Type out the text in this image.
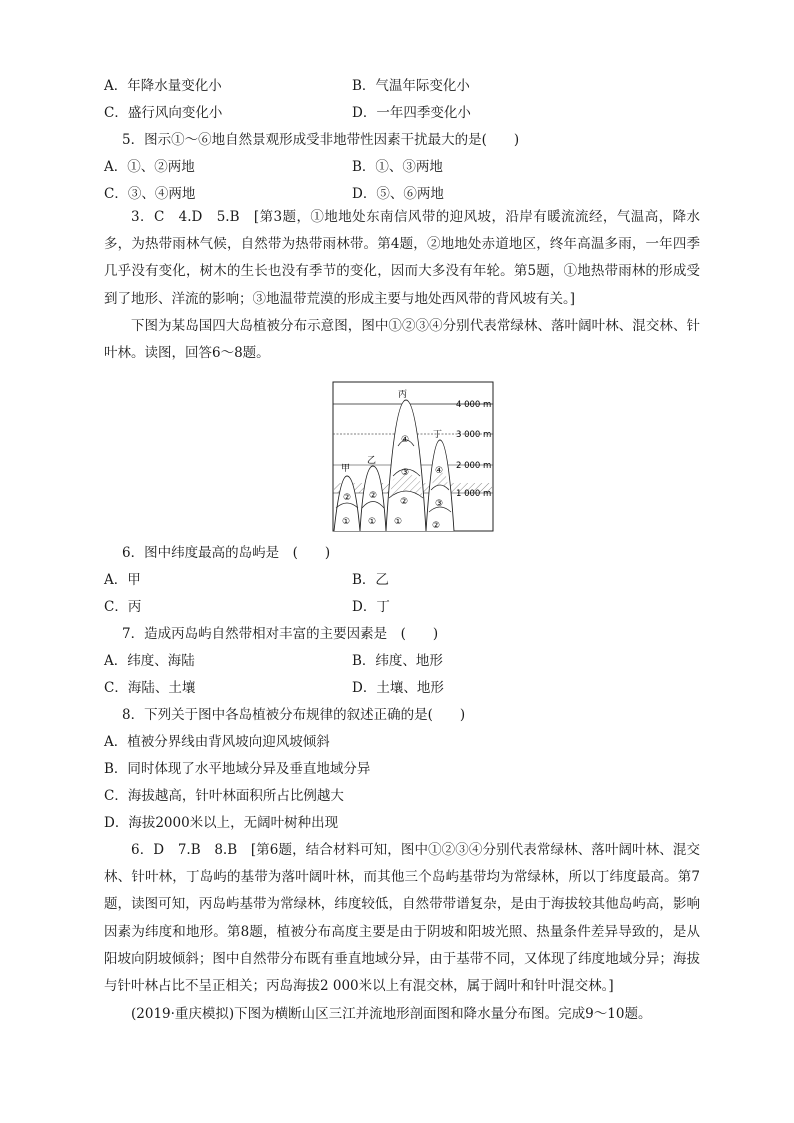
A．年降水量变化小	B．气温年际变化小
C．盛行风向变化小	D．一年四季变化小
5．图示①～⑥地自然景观形成受非地带性因素干扰最大的是(　　)
A．①、②两地	B．①、③两地
C．③、④两地	D．⑤、⑥两地

3．C　4.D　5.B　[第3题，①地地处东南信风带的迎风坡，沿岸有暖流流经，气温高，降水多，为热带雨林气候，自然带为热带雨林带。第4题，②地地处赤道地区，终年高温多雨，一年四季几乎没有变化，树木的生长也没有季节的变化，因而大多没有年轮。第5题，①地热带雨林的形成受到了地形、洋流的影响；③地温带荒漠的形成主要与地处西风带的背风坡有关。]

下图为某岛国四大岛植被分布示意图，图中①②③④分别代表常绿林、落叶阔叶林、混交林、针叶林。读图，回答6～8题。

甲
乙
丙
丁
①
②
①
②
①
②
③
④
②
③
④
4 000 m
3 000 m
2 000 m
1 000 m
6．图中纬度最高的岛屿是　(　　)
A．甲	B．乙
C．丙	D．丁
7．造成丙岛屿自然带相对丰富的主要因素是　(　　)
A．纬度、海陆	B．纬度、地形
C．海陆、土壤	D．土壤、地形
8．下列关于图中各岛植被分布规律的叙述正确的是(　　)
A．植被分界线由背风坡向迎风坡倾斜
B．同时体现了水平地域分异及垂直地域分异
C．海拔越高，针叶林面积所占比例越大
D．海拔2000米以上，无阔叶树种出现

6．D　7.B　8.B　[第6题，结合材料可知，图中①②③④分别代表常绿林、落叶阔叶林、混交林、针叶林，丁岛屿的基带为落叶阔叶林，而其他三个岛屿基带均为常绿林，所以丁纬度最高。第7题，读图可知，丙岛屿基带为常绿林，纬度较低，自然带带谱复杂，是由于海拔较其他岛屿高，影响因素为纬度和地形。第8题，植被分布高度主要是由于阴坡和阳坡光照、热量条件差异导致的，是从阳坡向阴坡倾斜；图中自然带分布既有垂直地域分异，由于基带不同，又体现了纬度地域分异；海拔与针叶林占比不呈正相关；丙岛海拔2 000米以上有混交林，属于阔叶和针叶混交林。]

(2019·重庆模拟)下图为横断山区三江并流地形剖面图和降水量分布图。完成9～10题。
